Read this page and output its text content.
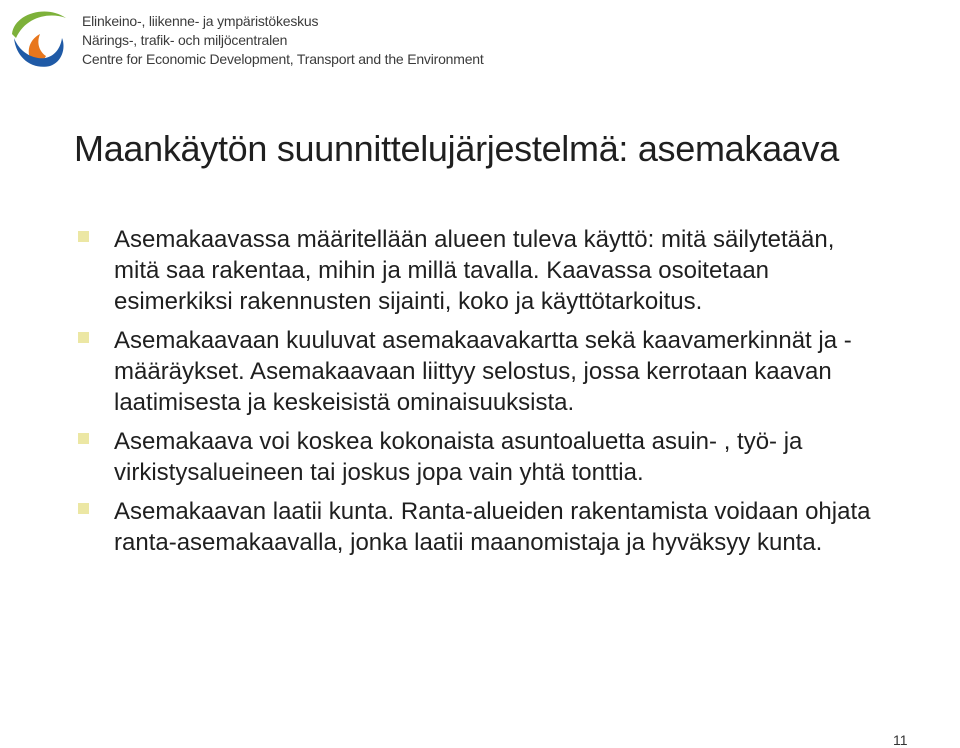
Elinkeino-, liikenne- ja ympäristökeskus
Närings-, trafik- och miljöcentralen
Centre for Economic Development, Transport and the Environment
Maankäytön suunnittelujärjestelmä: asemakaava
Asemakaavassa määritellään alueen tuleva käyttö: mitä säilytetään,
mitä saa rakentaa, mihin ja millä tavalla. Kaavassa osoitetaan
esimerkiksi rakennusten sijainti, koko ja käyttötarkoitus.
Asemakaavaan kuuluvat asemakaavakartta sekä kaavamerkinnät ja -
määräykset. Asemakaavaan liittyy selostus, jossa kerrotaan kaavan
laatimisesta ja keskeisistä ominaisuuksista.
Asemakaava voi koskea kokonaista asuntoaluetta asuin- , työ- ja
virkistysalueineen tai joskus jopa vain yhtä tonttia.
Asemakaavan laatii kunta. Ranta-alueiden rakentamista voidaan ohjata
ranta-asemakaavalla, jonka laatii maanomistaja ja hyväksyy kunta.
11
